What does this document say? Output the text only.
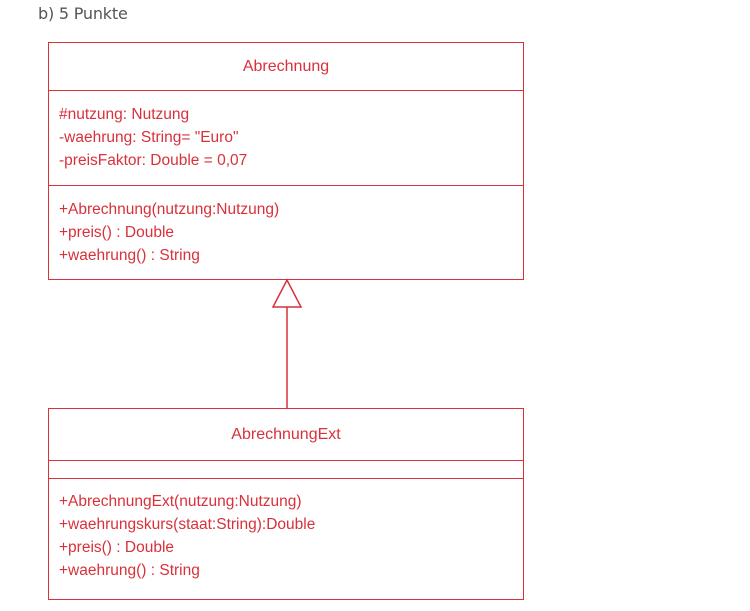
b) 5 Punkte
Abrechnung
#nutzung: Nutzung
-waehrung: String= "Euro"
-preisFaktor: Double = 0,07
+Abrechnung(nutzung:Nutzung)
+preis() : Double
+waehrung() : String
AbrechnungExt
+AbrechnungExt(nutzung:Nutzung)
+waehrungskurs(staat:String):Double
+preis() : Double
+waehrung() : String
